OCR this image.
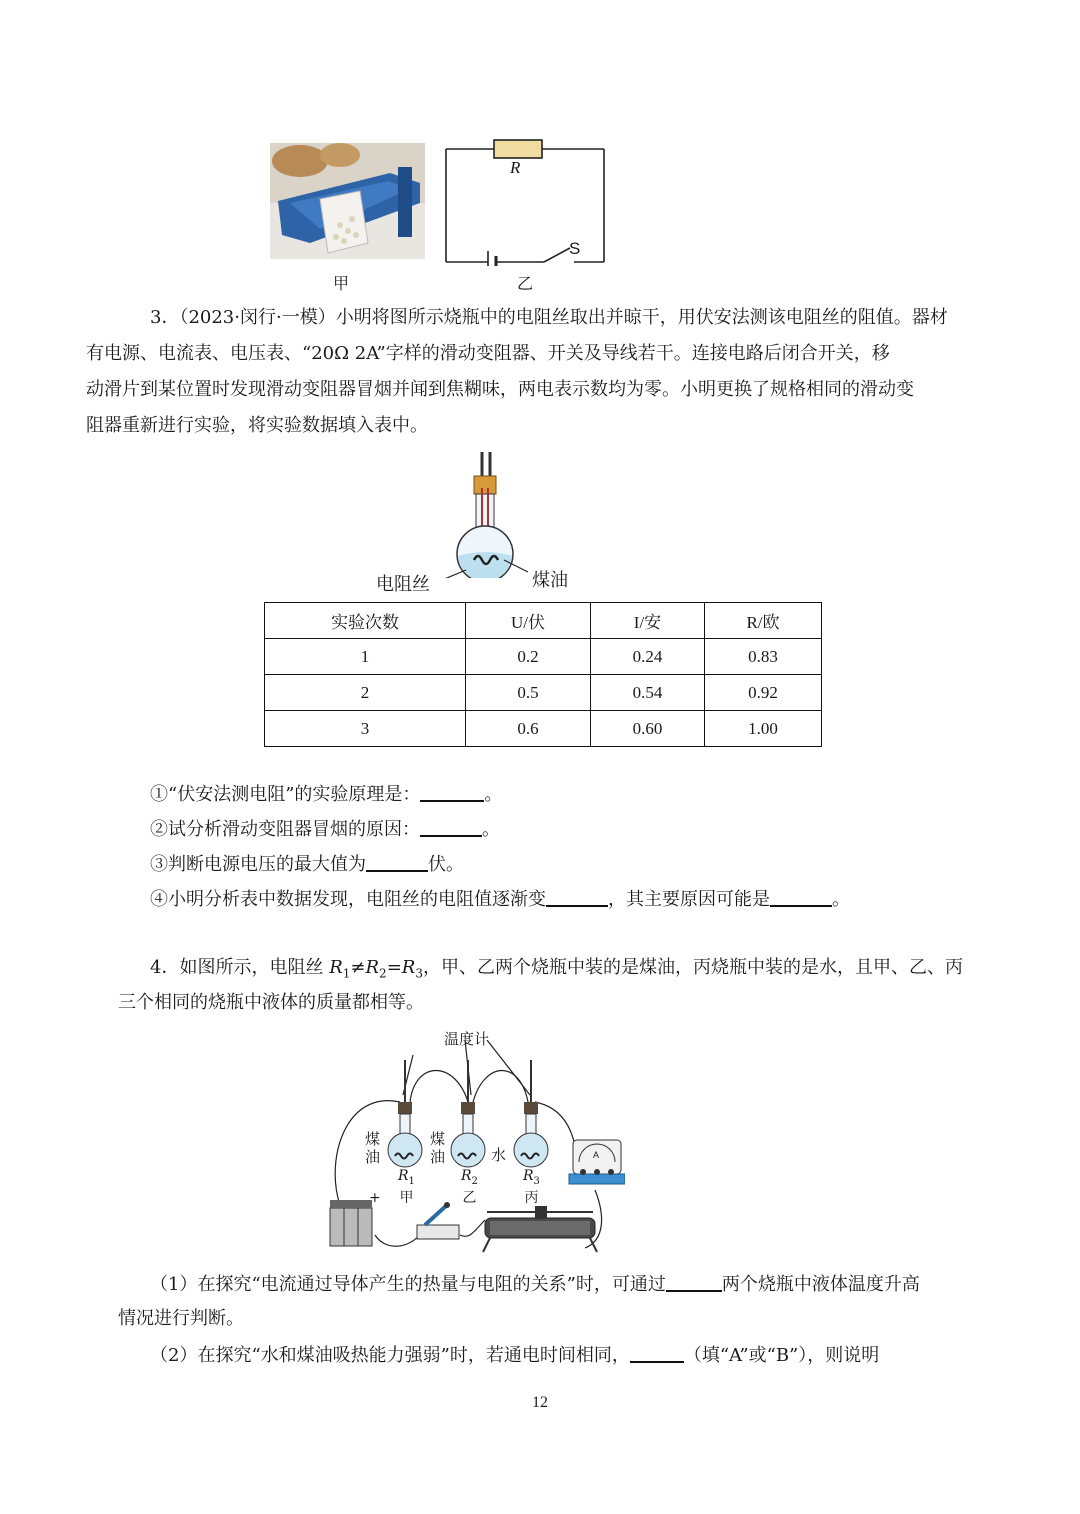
甲
R
S
乙
3．（2023·闵行·一模）小明将图所示烧瓶中的电阻丝取出并晾干，用伏安法测该电阻丝的阻值。器材
有电源、电流表、电压表、“20Ω 2A”字样的滑动变阻器、开关及导线若干。连接电路后闭合开关，移
动滑片到某位置时发现滑动变阻器冒烟并闻到焦糊味，两电表示数均为零。小明更换了规格相同的滑动变
阻器重新进行实验，将实验数据填入表中。
电阻丝	煤油
实验次数	U/伏	I/安	R/欧
1	0.2	0.24	0.83
2	0.5	0.54	0.92
3	0.6	0.60	1.00
①“伏安法测电阻”的实验原理是：	。
②试分析滑动变阻器冒烟的原因：	。
③判断电源电压的最大值为	伏。
④小明分析表中数据发现，电阻丝的电阻值逐渐变	，其主要原因可能是	。
4．如图所示，电阻丝 $R_1\ne R_2=R_3$，甲、乙两个烧瓶中装的是煤油，丙烧瓶中装的是水，且甲、乙、丙
三个相同的烧瓶中液体的质量都相等。
温度计
煤
油
煤
油	水
$R_1$
甲
$R_2$
乙
$R_3$
丙
+
A
（1）在探究“电流通过导体产生的热量与电阻的关系”时，可通过	两个烧瓶中液体温度升高
情况进行判断。
（2）在探究“水和煤油吸热能力强弱”时，若通电时间相同，	（填“A”或“B”），则说明
12
